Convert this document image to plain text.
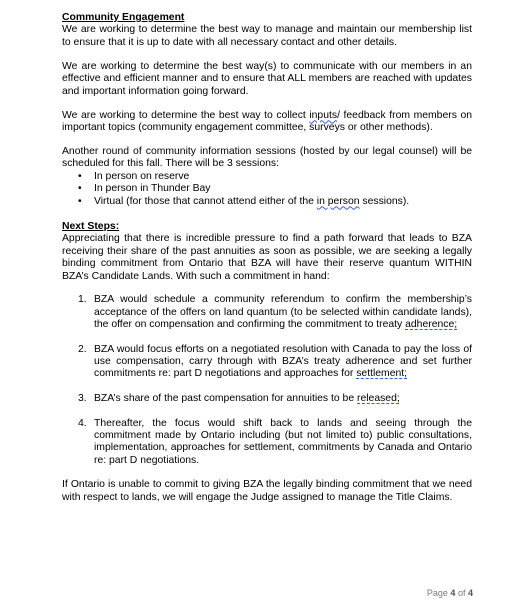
Community Engagement

We are working to determine the best way to manage and maintain our membership list to ensure that it is up to date with all necessary contact and other details.

We are working to determine the best way(s) to communicate with our members in an effective and efficient manner and to ensure that ALL members are reached with updates and important information going forward.

We are working to determine the best way to collect inputs/ feedback from members on important topics (community engagement committee, surveys or other methods).

Another round of community information sessions (hosted by our legal counsel) will be scheduled for this fall. There will be 3 sessions:

• In person on reserve
• In person in Thunder Bay
• Virtual (for those that cannot attend either of the in person sessions).
Next Steps:

Appreciating that there is incredible pressure to find a path forward that leads to BZA receiving their share of the past annuities as soon as possible, we are seeking a legally binding commitment from Ontario that BZA will have their reserve quantum WITHIN BZA’s Candidate Lands. With such a commitment in hand:

1. BZA would schedule a community referendum to confirm the membership’s acceptance of the offers on land quantum (to be selected within candidate lands), the offer on compensation and confirming the commitment to treaty adherence;
2. BZA would focus efforts on a negotiated resolution with Canada to pay the loss of use compensation, carry through with BZA’s treaty adherence and set further commitments re: part D negotiations and approaches for settlement;
3. BZA’s share of the past compensation for annuities to be released;
4. Thereafter, the focus would shift back to lands and seeing through the commitment made by Ontario including (but not limited to) public consultations, implementation, approaches for settlement, commitments by Canada and Ontario re: part D negotiations.

If Ontario is unable to commit to giving BZA the legally binding commitment that we need with respect to lands, we will engage the Judge assigned to manage the Title Claims.

Page 4 of 4
